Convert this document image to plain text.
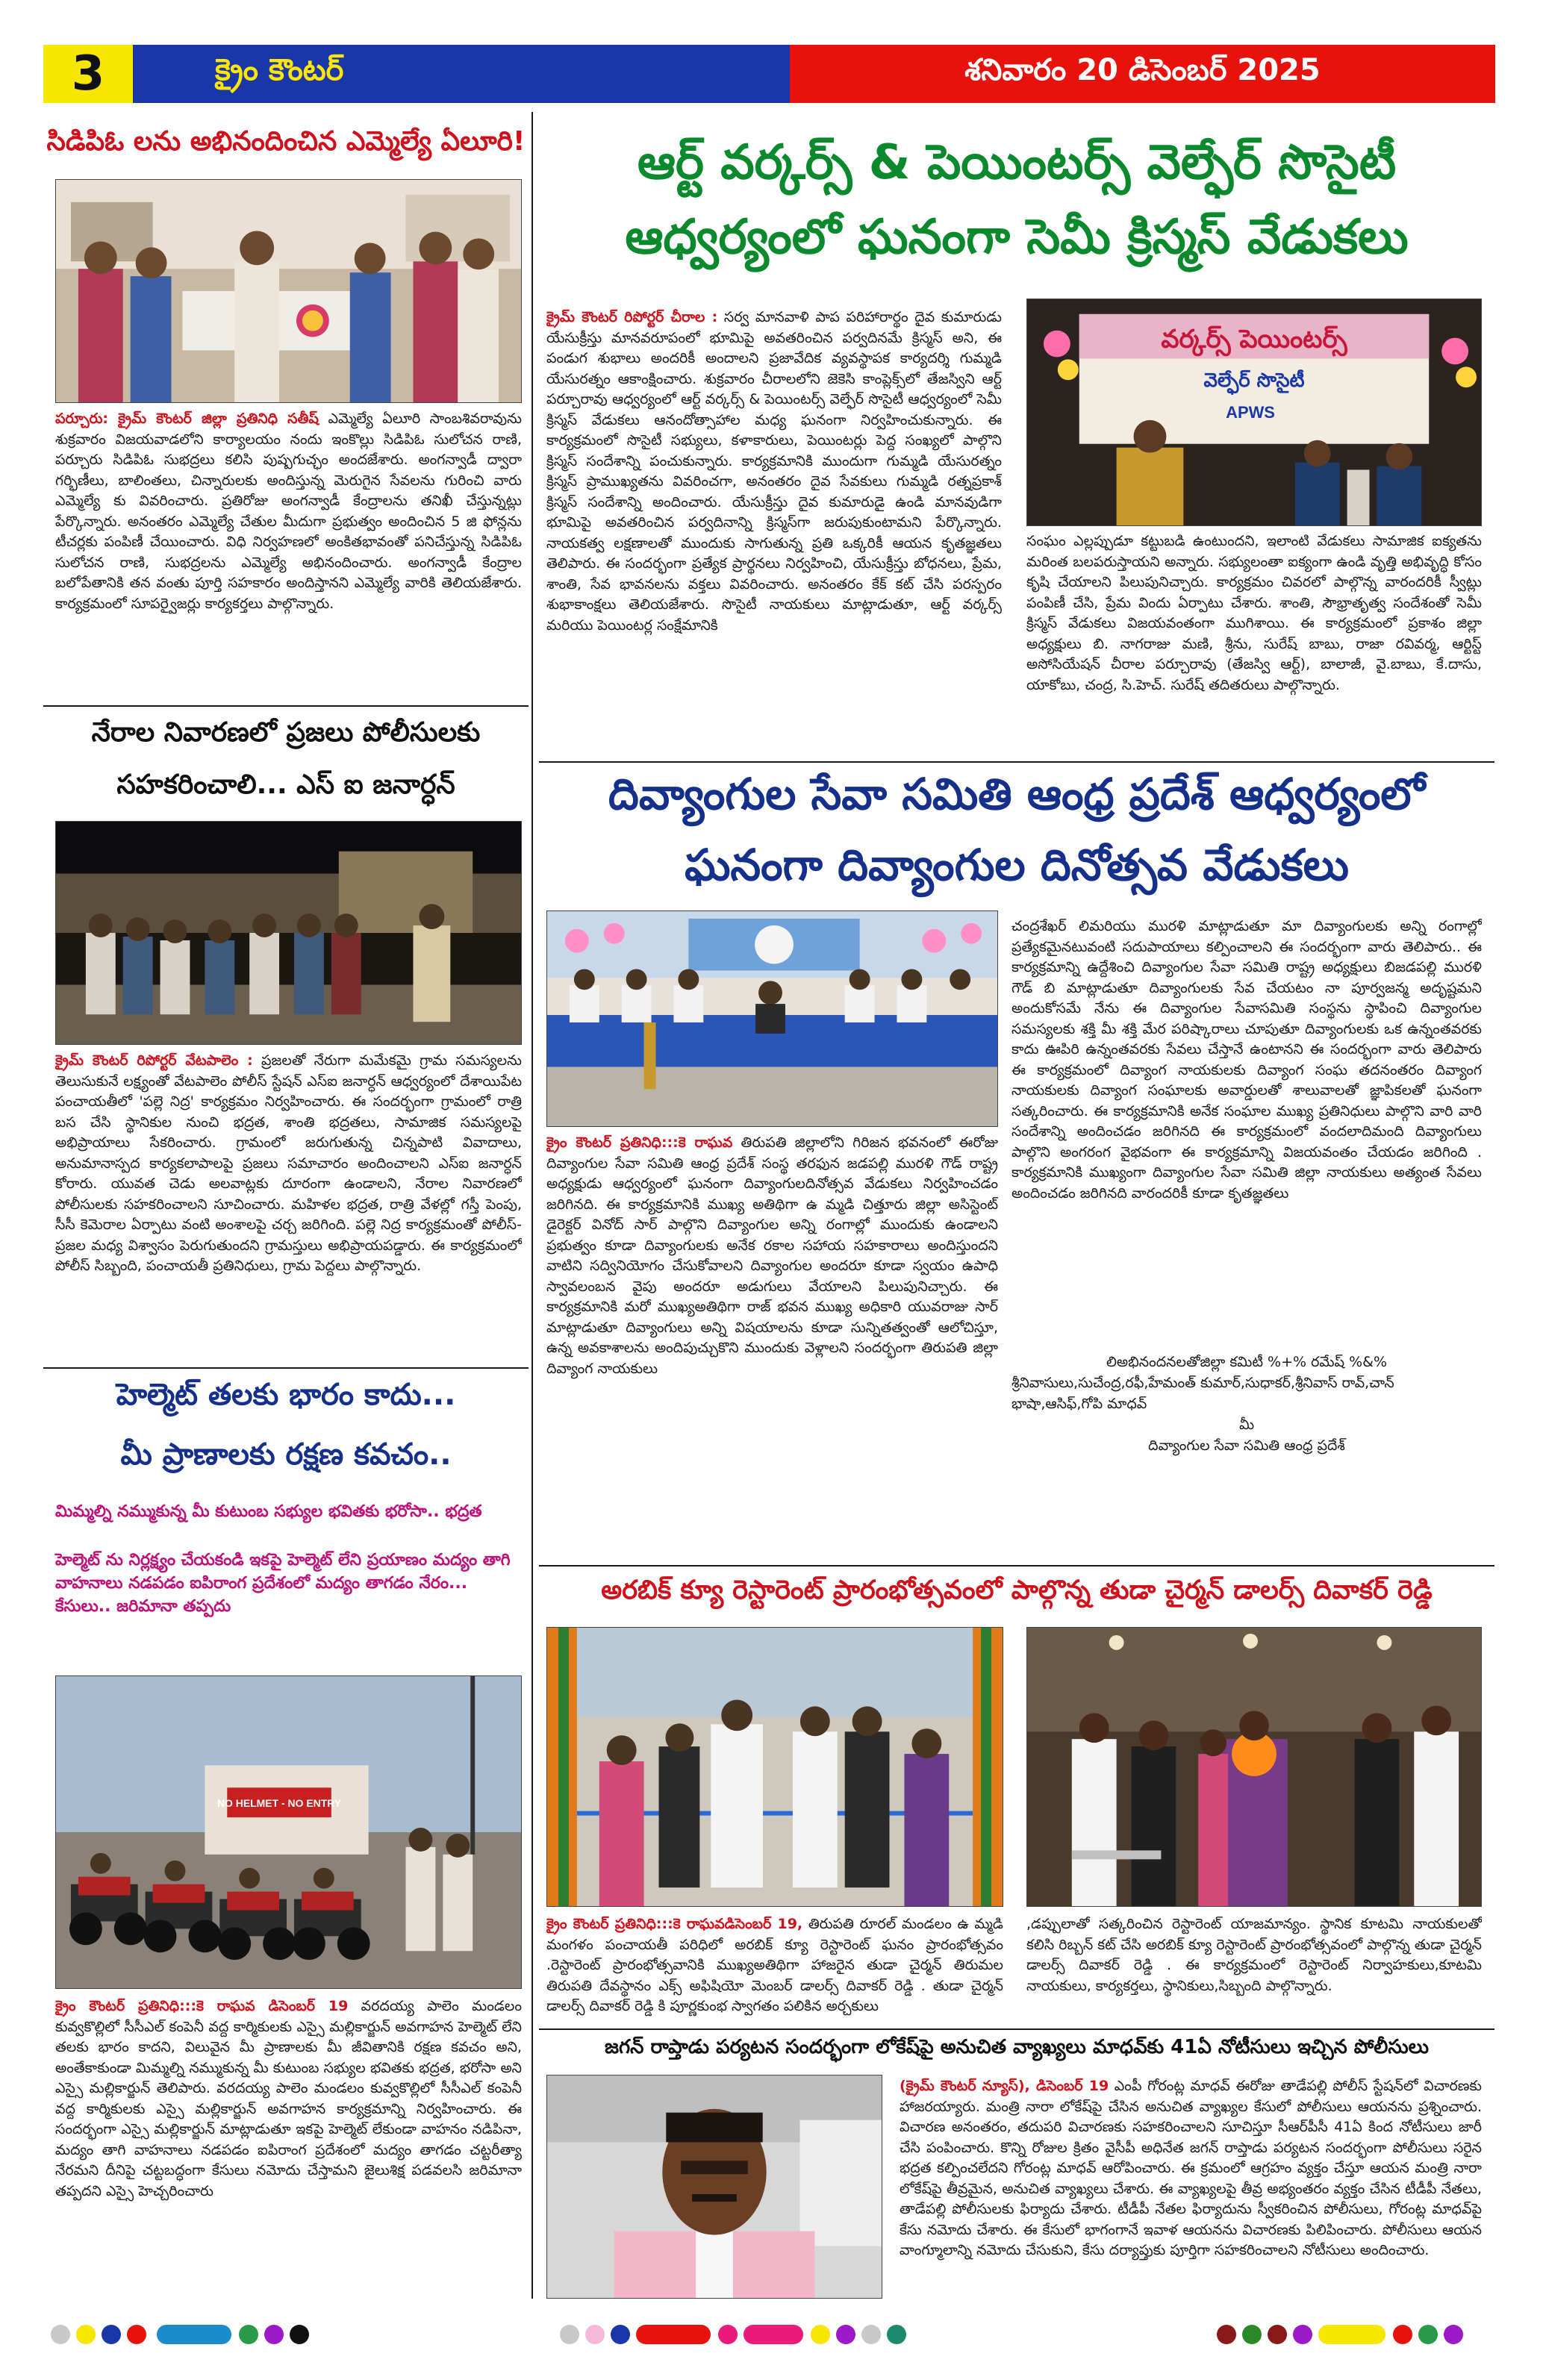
3	క్రైం కౌంటర్	శనివారం 20 డిసెంబర్ 2025
సిడిపిఓ లను అభినందించిన ఎమ్మెల్యే ఏలూరి!
పర్చూరు: క్రైమ్ కౌంటర్ జిల్లా ప్రతినిధి సతీష్ ఎమ్మెల్యే ఏలూరి సాంబశివరావును శుక్రవారం విజయవాడలోని కార్యాలయం నందు ఇంకొల్లు సిడిపిఓ సులోచన రాణి, పర్చూరు సిడిపిఓ సుభద్రలు కలిసి పుష్పగుచ్ఛం అందజేశారు. అంగన్వాడీ ద్వారా గర్భిణీలు, బాలింతలు, చిన్నారులకు అందిస్తున్న మెరుగైన సేవలను గురించి వారు ఎమ్మెల్యే కు వివరించారు. ప్రతిరోజు అంగన్వాడీ కేంద్రాలను తనిఖీ చేస్తున్నట్లు పేర్కొన్నారు. అనంతరం ఎమ్మెల్యే చేతుల మీదుగా ప్రభుత్వం అందించిన 5 జి ఫోన్లను టీచర్లకు పంపిణీ చేయించారు. విధి నిర్వహణలో అంకితభావంతో పనిచేస్తున్న సిడిపిఓ సులోచన రాణి, సుభద్రలను ఎమ్మెల్యే అభినందించారు. అంగన్వాడీ కేంద్రాల బలోపేతానికి తన వంతు పూర్తి సహకారం అందిస్తానని ఎమ్మెల్యే వారికి తెలియజేశారు. కార్యక్రమంలో సూపర్వైజర్లు కార్యకర్తలు పాల్గొన్నారు.
నేరాల నివారణలో ప్రజలు పోలీసులకు
సహకరించాలి... ఎస్ ఐ జనార్ధన్
క్రైమ్ కౌంటర్ రిపోర్టర్ వేటపాలెం : ప్రజలతో నేరుగా మమేకమై గ్రామ సమస్యలను తెలుసుకునే లక్ష్యంతో వేటపాలెం పోలీస్ స్టేషన్ ఎస్ఐ జనార్ధన్ ఆధ్వర్యంలో దేశాయిపేట పంచాయతీలో 'పల్లె నిద్ర' కార్యక్రమం నిర్వహించారు. ఈ సందర్భంగా గ్రామంలో రాత్రి బస చేసి స్థానికుల నుంచి భద్రత, శాంతి భద్రతలు, సామాజిక సమస్యలపై అభిప్రాయాలు సేకరించారు. గ్రామంలో జరుగుతున్న చిన్నపాటి వివాదాలు, అనుమానాస్పద కార్యకలాపాలపై ప్రజలు సమాచారం అందించాలని ఎస్ఐ జనార్ధన్ కోరారు. యువత చెడు అలవాట్లకు దూరంగా ఉండాలని, నేరాల నివారణలో పోలీసులకు సహకరించాలని సూచించారు. మహిళల భద్రత, రాత్రి వేళల్లో గస్తీ పెంపు, సీసీ కెమెరాల ఏర్పాటు వంటి అంశాలపై చర్చ జరిగింది. పల్లె నిద్ర కార్యక్రమంతో పోలీస్‌-ప్రజల మధ్య విశ్వాసం పెరుగుతుందని గ్రామస్తులు అభిప్రాయపడ్డారు. ఈ కార్యక్రమంలో పోలీస్ సిబ్బంది, పంచాయతీ ప్రతినిధులు, గ్రామ పెద్దలు పాల్గొన్నారు.
హెల్మెట్ తలకు భారం కాదు...
మీ ప్రాణాలకు రక్షణ కవచం..
మిమ్మల్ని నమ్ముకున్న మీ కుటుంబ సభ్యుల భవితకు భరోసా.. భద్రత
హెల్మెట్ ను నిర్లక్ష్యం చేయకండి ఇకపై హెల్మెట్ లేని ప్రయాణం మద్యం తాగి వాహనాలు నడపడం ఐపిరాంగ ప్రదేశంలో మద్యం తాగడం నేరం... కేసులు.. జరిమానా తప్పదు
NO HELMET - NO ENTRY
క్రైం కౌంటర్ ప్రతినిధి:::కె రాఘవ డిసెంబర్ 19 వరదయ్య పాలెం మండలం కువ్వకొల్లిలో సీసీఎల్ కంపెనీ వద్ద కార్మికులకు ఎస్సై మల్లికార్జున్ అవగాహన హెల్మెట్ లేని తలకు భారం కాదని, విలువైన మీ ప్రాణాలకు మీ జీవితానికి రక్షణ కవచం అని, అంతేకాకుండా మిమ్మల్ని నమ్ముకున్న మీ కుటుంబ సభ్యుల భవితకు భద్రత, భరోసా అని ఎస్సై మల్లికార్జున్ తెలిపారు. వరదయ్య పాలెం మండలం కువ్వకొల్లిలో సీసీఎల్ కంపెనీ వద్ద కార్మికులకు ఎస్సై మల్లికార్జున్ అవగాహన కార్యక్రమాన్ని నిర్వహించారు. ఈ సందర్భంగా ఎస్సై మల్లికార్జున్ మాట్లాడుతూ ఇకపై హెల్మెట్ లేకుండా వాహనం నడిపినా, మద్యం తాగి వాహనాలు నడపడం ఐపిరాంగ ప్రదేశంలో మద్యం తాగడం చట్టరీత్యా నేరమని దీనిపై చట్టబద్ధంగా కేసులు నమోదు చేస్తామని జైలుశిక్ష పడవలసి జరిమానా తప్పదని ఎస్సై హెచ్చరించారు
ఆర్ట్ వర్కర్స్ & పెయింటర్స్ వెల్ఫేర్ సొసైటీ
ఆధ్వర్యంలో ఘనంగా సెమీ క్రిస్మస్ వేడుకలు
క్రైమ్ కౌంటర్ రిపోర్టర్ చీరాల : సర్వ మానవాళి పాప పరిహారార్థం దైవ కుమారుడు యేసుక్రీస్తు మానవరూపంలో భూమిపై అవతరించిన పర్వదినమే క్రిస్మస్ అని, ఈ పండుగ శుభాలు అందరికీ అందాలని ప్రజావేదిక వ్యవస్థాపక కార్యదర్శి గుమ్మడి యేసురత్నం ఆకాంక్షించారు. శుక్రవారం చీరాలలోని జెకెసి కాంప్లెక్స్‌లో తేజస్విని ఆర్ట్ పర్చూరావు ఆధ్వర్యంలో ఆర్ట్ వర్కర్స్ & పెయింటర్స్ వెల్ఫేర్ సొసైటీ ఆధ్వర్యంలో సెమీ క్రిస్మస్ వేడుకలు ఆనందోత్సాహాల మధ్య ఘనంగా నిర్వహించుకున్నారు. ఈ కార్యక్రమంలో సొసైటీ సభ్యులు, కళాకారులు, పెయింటర్లు పెద్ద సంఖ్యలో పాల్గొని క్రిస్మస్ సందేశాన్ని పంచుకున్నారు. కార్యక్రమానికి ముందుగా గుమ్మడి యేసురత్నం క్రిస్మస్ ప్రాముఖ్యతను వివరించగా, అనంతరం దైవ సేవకులు గుమ్మడి రత్నప్రకాశ్ క్రిస్మస్ సందేశాన్ని అందించారు. యేసుక్రీస్తు దైవ కుమారుడై ఉండి మానవుడిగా భూమిపై అవతరించిన పర్వదినాన్ని క్రిస్మస్‌గా జరుపుకుంటామని పేర్కొన్నారు. నాయకత్వ లక్షణాలతో ముందుకు సాగుతున్న ప్రతి ఒక్కరికీ ఆయన కృతజ్ఞతలు తెలిపారు. ఈ సందర్భంగా ప్రత్యేక ప్రార్థనలు నిర్వహించి, యేసుక్రీస్తు బోధనలు, ప్రేమ, శాంతి, సేవ భావనలను వక్తలు వివరించారు. అనంతరం కేక్ కట్ చేసి పరస్పరం శుభాకాంక్షలు తెలియజేశారు. సొసైటీ నాయకులు మాట్లాడుతూ, ఆర్ట్ వర్కర్స్ మరియు పెయింటర్ల సంక్షేమానికి
వర్కర్స్ పెయింటర్స్
వెల్ఫేర్ సొసైటీ
APWS
సంఘం ఎల్లప్పుడూ కట్టుబడి ఉంటుందని, ఇలాంటి వేడుకలు సామాజిక ఐక్యతను మరింత బలపరుస్తాయని అన్నారు. సభ్యులంతా ఐక్యంగా ఉండి వృత్తి అభివృద్ధి కోసం కృషి చేయాలని పిలుపునిచ్చారు. కార్యక్రమం చివరలో పాల్గొన్న వారందరికీ స్వీట్లు పంపిణీ చేసి, ప్రేమ విందు ఏర్పాటు చేశారు. శాంతి, సౌభ్రాతృత్వ సందేశంతో సెమీ క్రిస్మస్ వేడుకలు విజయవంతంగా ముగిశాయి. ఈ కార్యక్రమంలో ప్రకాశం జిల్లా అధ్యక్షులు బి. నాగరాజు మణి, శ్రీను, సురేష్ బాబు, రాజా రవివర్మ, ఆర్టిస్ట్ అసోసియేషన్ చీరాల పర్చూరావు (తేజస్వి ఆర్ట్), బాలాజీ, వై.బాబు, కే.దాసు, యాకోబు, చంద్ర, సి.హెచ్. సురేష్ తదితరులు పాల్గొన్నారు.
దివ్యాంగుల సేవా సమితి ఆంధ్ర ప్రదేశ్ ఆధ్వర్యంలో
ఘనంగా దివ్యాంగుల దినోత్సవ వేడుకలు
క్రైం కౌంటర్ ప్రతినిధి:::కె రాఘవ తిరుపతి జిల్లాలోని గిరిజన భవనంలో ఈరోజు దివ్యాంగుల సేవా సమితి ఆంధ్ర ప్రదేశ్ సంస్థ తరఫున జడపల్లి మురళి గౌడ్ రాష్ట్ర అధ్యక్షుడు ఆధ్వర్యంలో ఘనంగా దివ్యాంగులదినోత్సవ వేడుకలు నిర్వహించడం జరిగినది. ఈ కార్యక్రమానికి ముఖ్య అతిథిగా ఉ మ్మడి చిత్తూరు జిల్లా అసిస్టెంట్ డైరెక్టర్ వినోద్ సార్ పాల్గొని దివ్యాంగుల అన్ని రంగాల్లో ముందుకు ఉండాలని ప్రభుత్వం కూడా దివ్యాంగులకు అనేక రకాల సహాయ సహకారాలు అందిస్తుందని వాటిని సద్వినియోగం చేసుకోవాలని దివ్యాంగుల అందరూ కూడా స్వయం ఉపాధి స్వావలంబన వైపు అందరూ అడుగులు వేయాలని పిలుపునిచ్చారు. ఈ కార్యక్రమానికి మరో ముఖ్యఅతిథిగా రాజ్ భవన ముఖ్య అధికారి యువరాజు సార్ మాట్లాడుతూ దివ్యాంగులు అన్ని విషయాలను కూడా సున్నితత్వంతో ఆలోచిస్తూ, ఉన్న అవకాశాలను అందిపుచ్చుకొని ముందుకు వెళ్లాలని సందర్భంగా తిరుపతి జిల్లా దివ్యాంగ నాయకులు
చంద్రశేఖర్ లిమరియు మురళి మాట్లాడుతూ మా దివ్యాంగులకు అన్ని రంగాల్లో ప్రత్యేకమైనటువంటి సదుపాయాలు కల్పించాలని ఈ సందర్భంగా వారు తెలిపారు.. ఈ కార్యక్రమాన్ని ఉద్దేశించి దివ్యాంగుల సేవా సమితి రాష్ట్ర అధ్యక్షులు బిజడపల్లి మురళి గౌడ్ బి మాట్లాడుతూ దివ్యాంగులకు సేవ చేయటం నా పూర్వజన్మ అదృష్టమని అందుకోసమే నేను ఈ దివ్యాంగుల సేవాసమితి సంస్థను స్థాపించి దివ్యాంగుల సమస్యలకు శక్తి మీ శక్తి మేర పరిష్కారాలు చూపుతూ దివ్యాంగులకు ఒక ఉన్నంతవరకు కాదు ఊపిరి ఉన్నంతవరకు సేవలు చేస్తానే ఉంటానని ఈ సందర్భంగా వారు తెలిపారు ఈ కార్యక్రమంలో దివ్యాంగ నాయకులకు దివ్యాంగ సంఘ తదనంతరం దివ్యాంగ నాయకులకు దివ్యాంగ సంఘాలకు అవార్డులతో శాలువాలతో జ్ఞాపికలతో ఘనంగా సత్కరించారు. ఈ కార్యక్రమానికి అనేక సంఘాల ముఖ్య ప్రతినిధులు పాల్గొని వారి వారి సందేశాన్ని అందించడం జరిగినది ఈ కార్యక్రమంలో వందలాదిమంది దివ్యాంగులు పాల్గొని అంగరంగ వైభవంగా ఈ కార్యక్రమాన్ని విజయవంతం చేయడం జరిగింది . కార్యక్రమానికి ముఖ్యంగా దివ్యాంగుల సేవా సమితి జిల్లా నాయకులు అత్యంత సేవలు అందించడం జరిగినది వారందరికీ కూడా కృతజ్ఞతలు
లిఅభినందనలతోజిల్లా కమిటీ %+% రమేష్ %&%
శ్రీనివాసులు,సుచేంద్ర,రఫీ,హేమంత్ కుమార్,సుధాకర్,శ్రీనివాస్ రావ్,చాన్ భాషా,ఆసిఫ్,గోపి మాధవ్
మీ
దివ్యాంగుల సేవా సమితి ఆంధ్ర ప్రదేశ్
అరబిక్ క్యూ రెస్టారెంట్ ప్రారంభోత్సవంలో పాల్గొన్న తుడా చైర్మన్ డాలర్స్ దివాకర్ రెడ్డి
క్రైం కౌంటర్ ప్రతినిధి:::కె రాఘవడిసెంబర్ 19, తిరుపతి రూరల్ మండలం ఉ మ్మడి మంగళం పంచాయతీ పరిధిలో అరబిక్ క్యూ రెస్టారెంట్ ఘనం ప్రారంభోత్సవం .రెస్టారెంట్ ప్రారంభోత్సవానికి ముఖ్యఅతిథిగా హాజరైన తుడా చైర్మన్ తిరుమల తిరుపతి దేవస్థానం ఎక్స్ అఫిషియో మెంబర్ డాలర్స్ దివాకర్ రెడ్డి . తుడా చైర్మన్ డాలర్స్ దివాకర్ రెడ్డి కి పూర్ణకుంభ స్వాగతం పలికిన అర్చకులు
,డప్పులాతో సత్కరించిన రెస్టారెంట్ యాజమాన్యం. స్థానిక కూటమి నాయకులతో కలిసి రిబ్బన్ కట్ చేసి అరబిక్ క్యూ రెస్టారెంట్ ప్రారంభోత్సవంలో పాల్గొన్న తుడా చైర్మన్ డాలర్స్ దివాకర్ రెడ్డి . ఈ కార్యక్రమంలో రెస్టారెంట్ నిర్వాహకులు,కూటమి నాయకులు, కార్యకర్తలు, స్థానికులు,సిబ్బంది పాల్గొన్నారు.
జగన్ రాప్తాడు పర్యటన సందర్భంగా లోకేష్‌పై అనుచిత వ్యాఖ్యలు మాధవ్‌కు 41ఏ నోటీసులు ఇచ్చిన పోలీసులు
(క్రైమ్ కౌంటర్ న్యూస్), డిసెంబర్ 19 ఎంపీ గోరంట్ల మాధవ్ ఈరోజు తాడేపల్లి పోలీస్ స్టేషన్‌లో విచారణకు హాజరయ్యారు. మంత్రి నారా లోకేష్‌పై చేసిన అనుచిత వ్యాఖ్యల కేసులో పోలీసులు ఆయనను ప్రశ్నించారు. విచారణ అనంతరం, తదుపరి విచారణకు సహకరించాలని సూచిస్తూ సీఆర్‌పీసీ 41ఏ కింద నోటీసులు జారీ చేసి పంపించారు. కొన్ని రోజుల క్రితం వైసీపీ అధినేత జగన్ రాప్తాడు పర్యటన సందర్భంగా పోలీసులు సరైన భద్రత కల్పించలేదని గోరంట్ల మాధవ్ ఆరోపించారు. ఈ క్రమంలో ఆగ్రహం వ్యక్తం చేస్తూ ఆయన మంత్రి నారా లోకేష్‌పై తీవ్రమైన, అనుచిత వ్యాఖ్యలు చేశారు. ఈ వ్యాఖ్యలపై తీవ్ర అభ్యంతరం వ్యక్తం చేసిన టీడీపీ నేతలు, తాడేపల్లి పోలీసులకు ఫిర్యాదు చేశారు. టీడీపీ నేతల ఫిర్యాదును స్వీకరించిన పోలీసులు, గోరంట్ల మాధవ్‌పై కేసు నమోదు చేశారు. ఈ కేసులో భాగంగానే ఇవాళ ఆయనను విచారణకు పిలిపించారు. పోలీసులు ఆయన వాంగ్మూలాన్ని నమోదు చేసుకుని, కేసు దర్యాప్తుకు పూర్తిగా సహకరించాలని నోటీసులు అందించారు.
